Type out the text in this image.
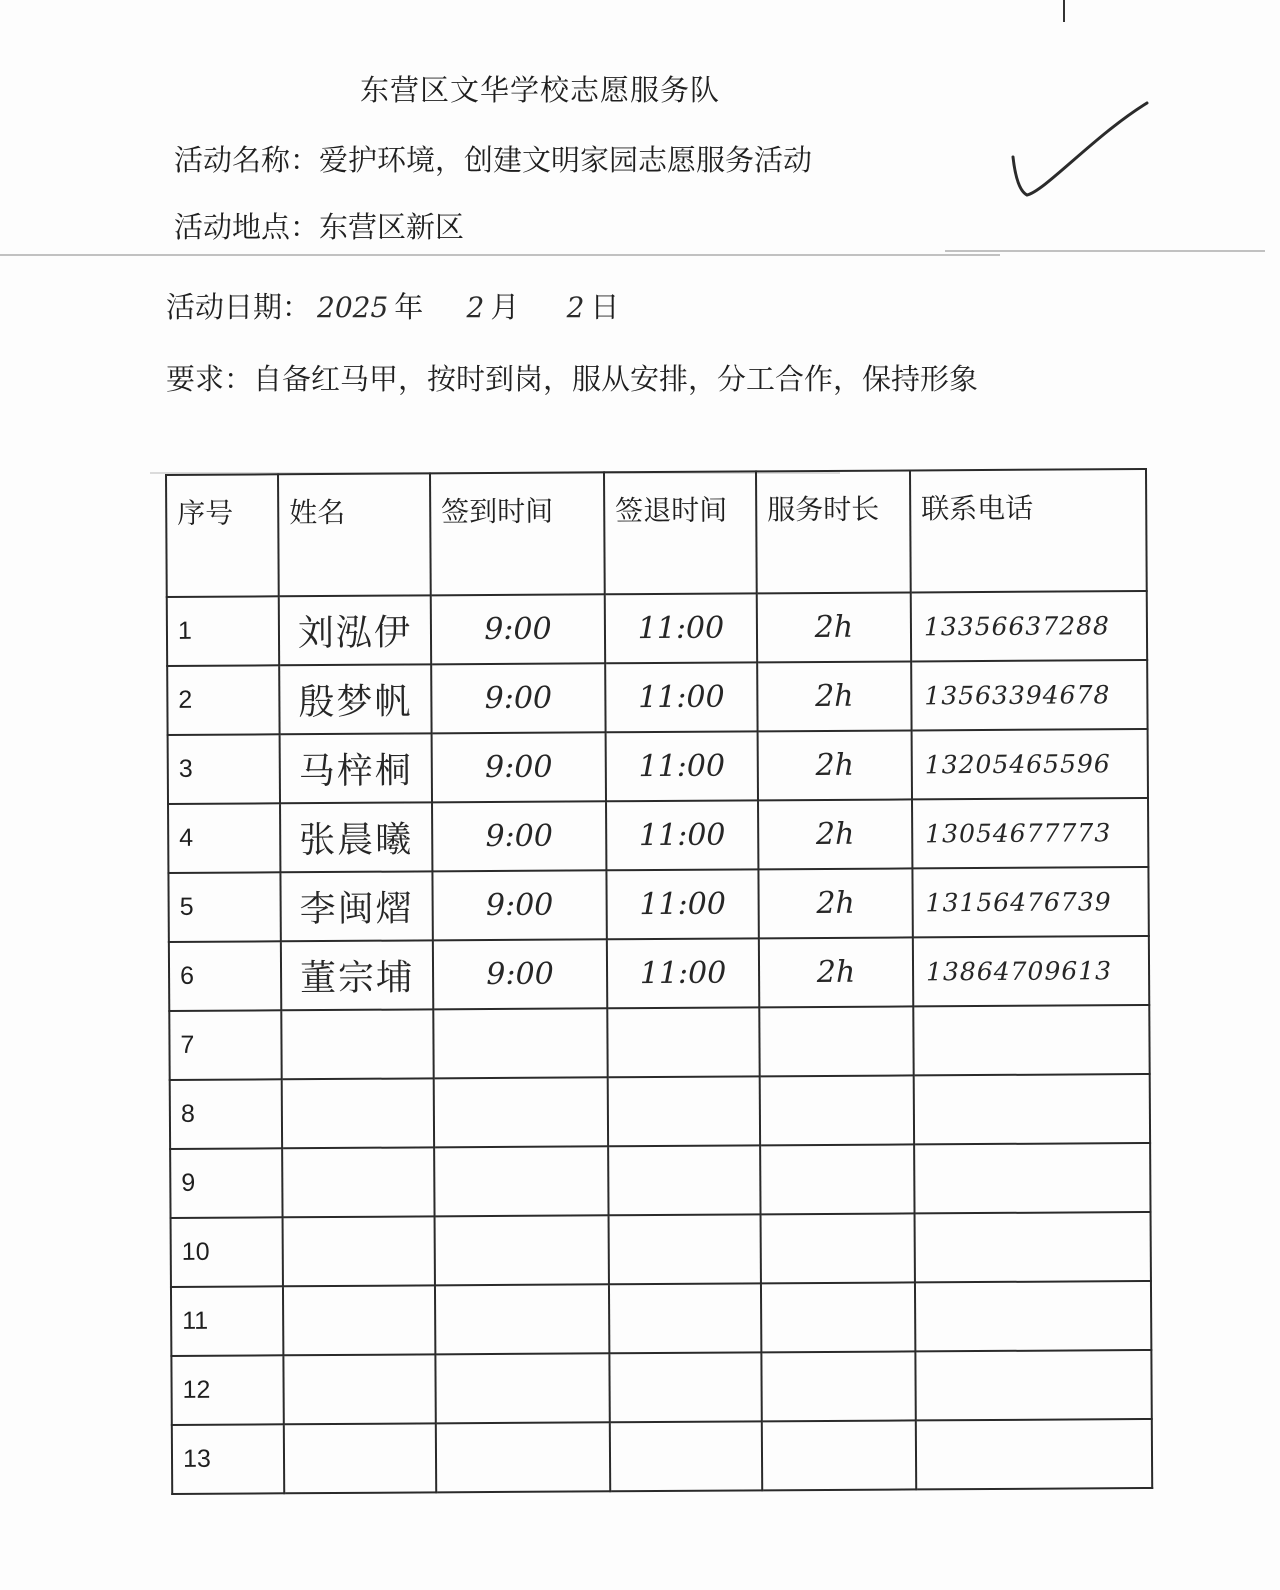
东营区文华学校志愿服务队
活动名称：爱护环境，创建文明家园志愿服务活动
活动地点：东营区新区
活动日期： 2025 年 2 月 2 日
要求：自备红马甲，按时到岗，服从安排，分工合作，保持形象
序号	姓名	签到时间	签退时间	服务时长	联系电话
1	刘泓伊	9:00	11:00	2h	13356637288
2	殷梦帆	9:00	11:00	2h	13563394678
3	马梓桐	9:00	11:00	2h	13205465596
4	张晨曦	9:00	11:00	2h	13054677773
5	李闽熠	9:00	11:00	2h	13156476739
6	董宗埔	9:00	11:00	2h	13864709613
7					
8					
9					
10					
11					
12					
13					
